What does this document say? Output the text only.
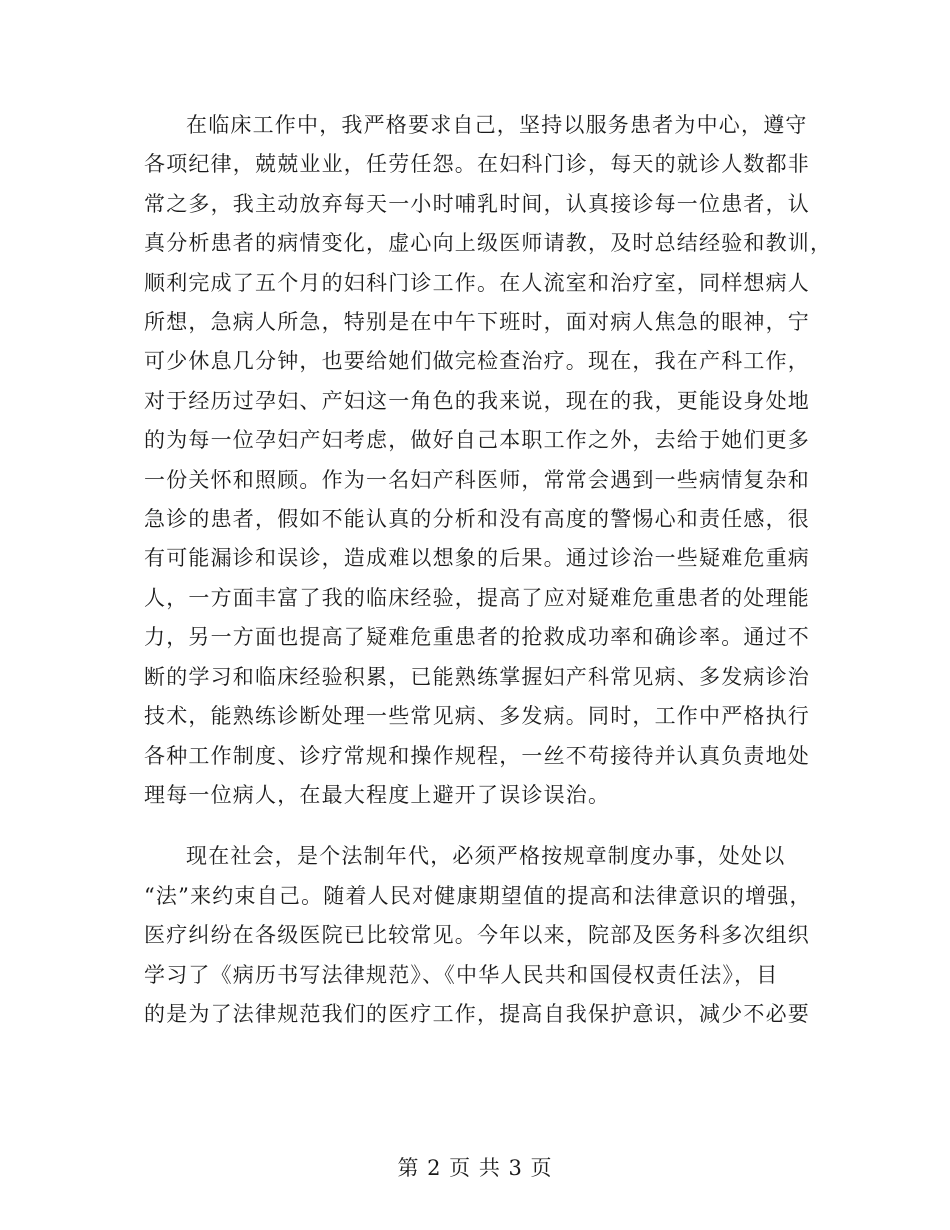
在临床工作中，我严格要求自己，坚持以服务患者为中心，遵守
各项纪律，兢兢业业，任劳任怨。在妇科门诊，每天的就诊人数都非
常之多，我主动放弃每天一小时哺乳时间，认真接诊每一位患者，认
真分析患者的病情变化，虚心向上级医师请教，及时总结经验和教训，
顺利完成了五个月的妇科门诊工作。在人流室和治疗室，同样想病人
所想，急病人所急，特别是在中午下班时，面对病人焦急的眼神，宁
可少休息几分钟，也要给她们做完检查治疗。现在，我在产科工作，
对于经历过孕妇、产妇这一角色的我来说，现在的我，更能设身处地
的为每一位孕妇产妇考虑，做好自己本职工作之外，去给于她们更多
一份关怀和照顾。作为一名妇产科医师，常常会遇到一些病情复杂和
急诊的患者，假如不能认真的分析和没有高度的警惕心和责任感，很
有可能漏诊和误诊，造成难以想象的后果。通过诊治一些疑难危重病
人，一方面丰富了我的临床经验，提高了应对疑难危重患者的处理能
力，另一方面也提高了疑难危重患者的抢救成功率和确诊率。通过不
断的学习和临床经验积累，已能熟练掌握妇产科常见病、多发病诊治
技术，能熟练诊断处理一些常见病、多发病。同时，工作中严格执行
各种工作制度、诊疗常规和操作规程，一丝不苟接待并认真负责地处
理每一位病人，在最大程度上避开了误诊误治。

现在社会，是个法制年代，必须严格按规章制度办事，处处以
“法”来约束自己。随着人民对健康期望值的提高和法律意识的增强，
医疗纠纷在各级医院已比较常见。今年以来，院部及医务科多次组织
学习了《病历书写法律规范》、《中华人民共和国侵权责任法》，目
的是为了法律规范我们的医疗工作，提高自我保护意识，减少不必要

第 2 页 共 3 页
